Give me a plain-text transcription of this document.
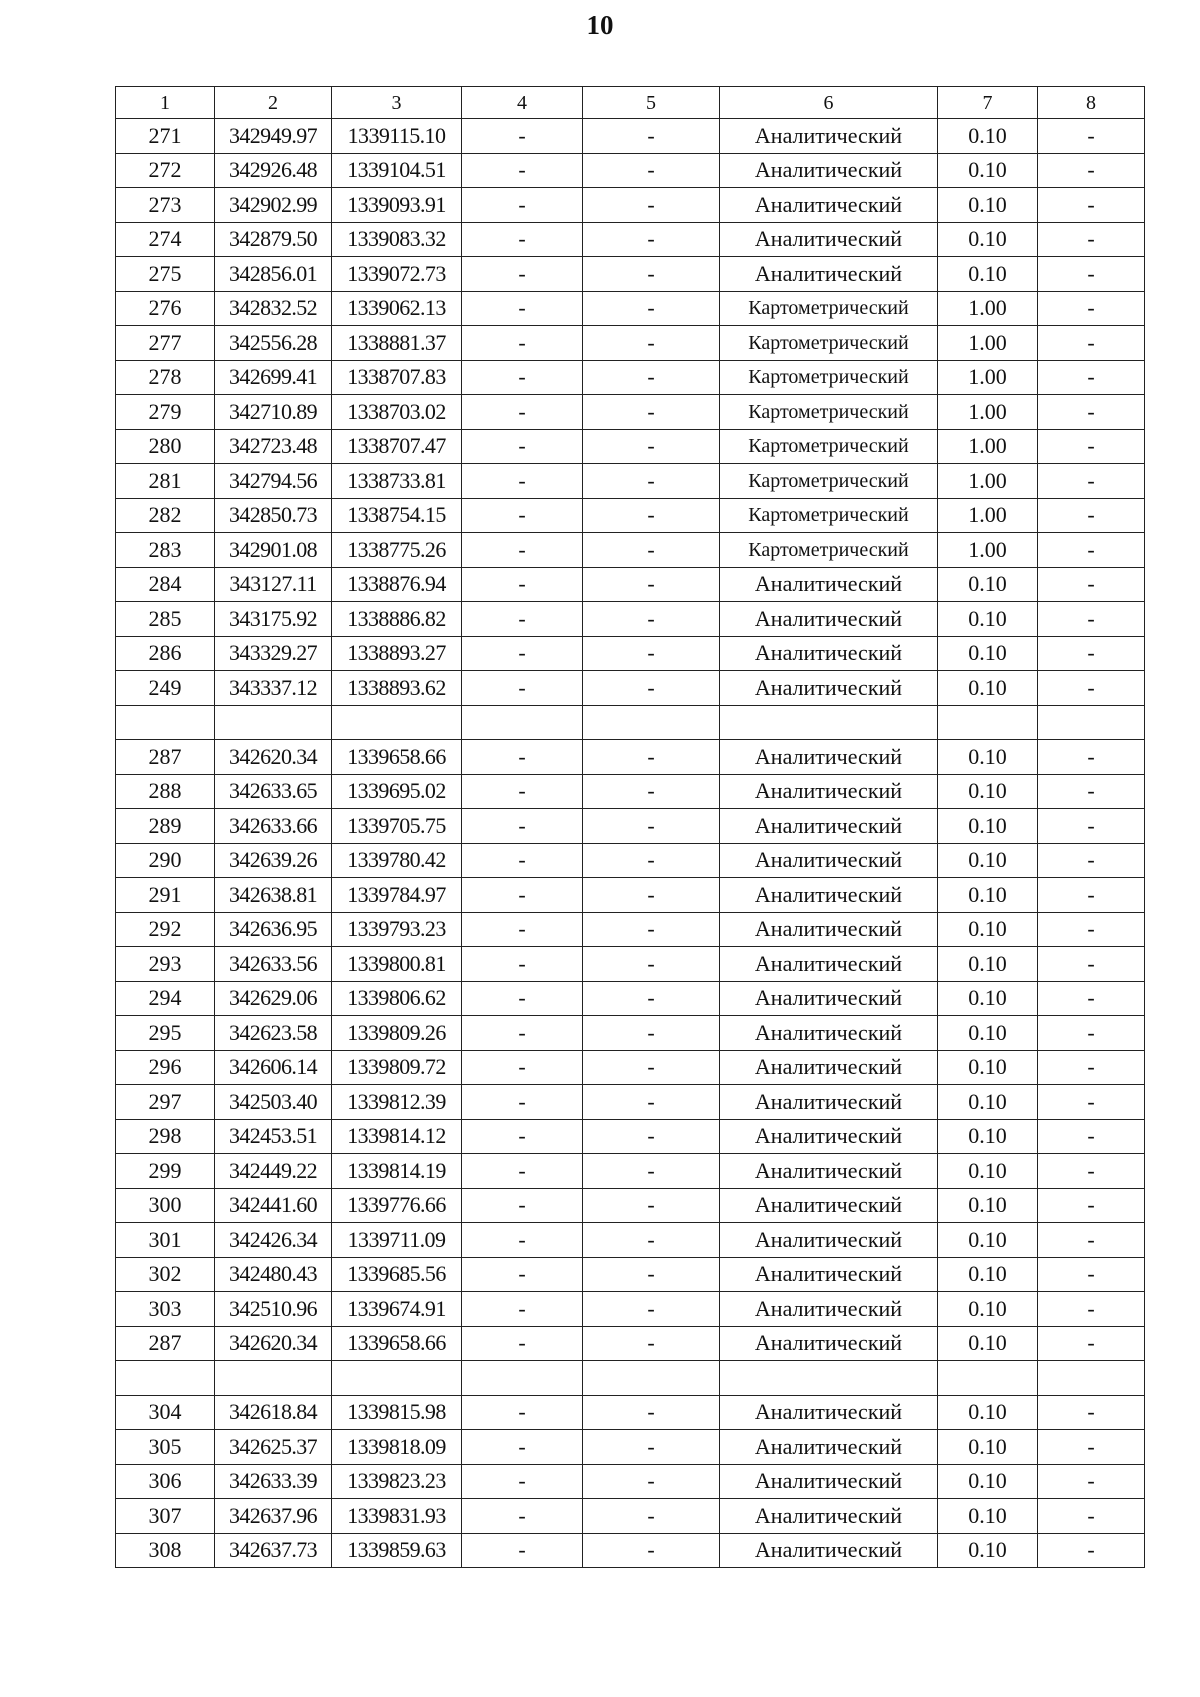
10
1	2	3	4	5	6	7	8
271	342949.97	1339115.10	-	-	Аналитический	0.10	-
272	342926.48	1339104.51	-	-	Аналитический	0.10	-
273	342902.99	1339093.91	-	-	Аналитический	0.10	-
274	342879.50	1339083.32	-	-	Аналитический	0.10	-
275	342856.01	1339072.73	-	-	Аналитический	0.10	-
276	342832.52	1339062.13	-	-	Картометрический	1.00	-
277	342556.28	1338881.37	-	-	Картометрический	1.00	-
278	342699.41	1338707.83	-	-	Картометрический	1.00	-
279	342710.89	1338703.02	-	-	Картометрический	1.00	-
280	342723.48	1338707.47	-	-	Картометрический	1.00	-
281	342794.56	1338733.81	-	-	Картометрический	1.00	-
282	342850.73	1338754.15	-	-	Картометрический	1.00	-
283	342901.08	1338775.26	-	-	Картометрический	1.00	-
284	343127.11	1338876.94	-	-	Аналитический	0.10	-
285	343175.92	1338886.82	-	-	Аналитический	0.10	-
286	343329.27	1338893.27	-	-	Аналитический	0.10	-
249	343337.12	1338893.62	-	-	Аналитический	0.10	-

287	342620.34	1339658.66	-	-	Аналитический	0.10	-
288	342633.65	1339695.02	-	-	Аналитический	0.10	-
289	342633.66	1339705.75	-	-	Аналитический	0.10	-
290	342639.26	1339780.42	-	-	Аналитический	0.10	-
291	342638.81	1339784.97	-	-	Аналитический	0.10	-
292	342636.95	1339793.23	-	-	Аналитический	0.10	-
293	342633.56	1339800.81	-	-	Аналитический	0.10	-
294	342629.06	1339806.62	-	-	Аналитический	0.10	-
295	342623.58	1339809.26	-	-	Аналитический	0.10	-
296	342606.14	1339809.72	-	-	Аналитический	0.10	-
297	342503.40	1339812.39	-	-	Аналитический	0.10	-
298	342453.51	1339814.12	-	-	Аналитический	0.10	-
299	342449.22	1339814.19	-	-	Аналитический	0.10	-
300	342441.60	1339776.66	-	-	Аналитический	0.10	-
301	342426.34	1339711.09	-	-	Аналитический	0.10	-
302	342480.43	1339685.56	-	-	Аналитический	0.10	-
303	342510.96	1339674.91	-	-	Аналитический	0.10	-
287	342620.34	1339658.66	-	-	Аналитический	0.10	-

304	342618.84	1339815.98	-	-	Аналитический	0.10	-
305	342625.37	1339818.09	-	-	Аналитический	0.10	-
306	342633.39	1339823.23	-	-	Аналитический	0.10	-
307	342637.96	1339831.93	-	-	Аналитический	0.10	-
308	342637.73	1339859.63	-	-	Аналитический	0.10	-
